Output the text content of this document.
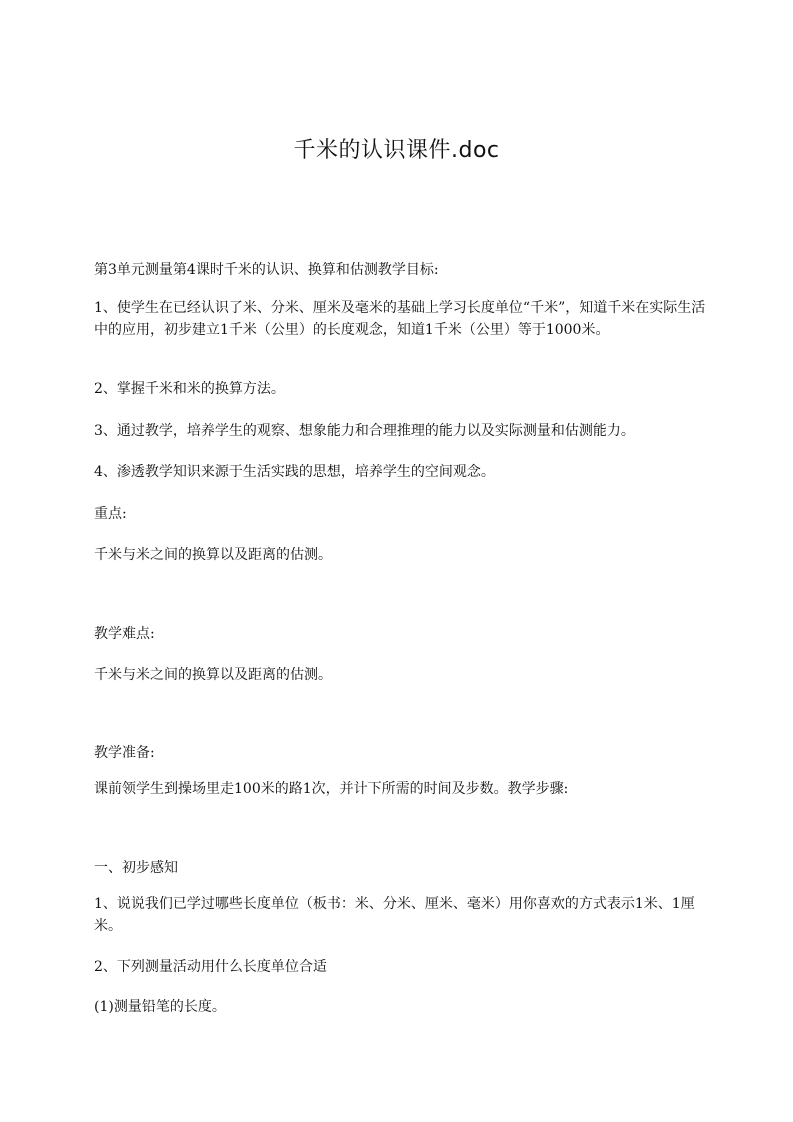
千米的认识课件.doc
第3单元测量第4课时千米的认识、换算和估测教学目标:
1、使学生在已经认识了米、分米、厘米及毫米的基础上学习长度单位“千米”，知道千米在实际生活中的应用，初步建立1千米（公里）的长度观念，知道1千米（公里）等于1000米。
2、掌握千米和米的换算方法。
3、通过教学，培养学生的观察、想象能力和合理推理的能力以及实际测量和估测能力。
4、渗透教学知识来源于生活实践的思想，培养学生的空间观念。
重点:
千米与米之间的换算以及距离的估测。
教学难点:
千米与米之间的换算以及距离的估测。
教学准备:
课前领学生到操场里走100米的路1次，并计下所需的时间及步数。教学步骤:
一、初步感知
1、说说我们已学过哪些长度单位（板书：米、分米、厘米、毫米）用你喜欢的方式表示1米、1厘米。
2、下列测量活动用什么长度单位合适
(1)测量铅笔的长度。
